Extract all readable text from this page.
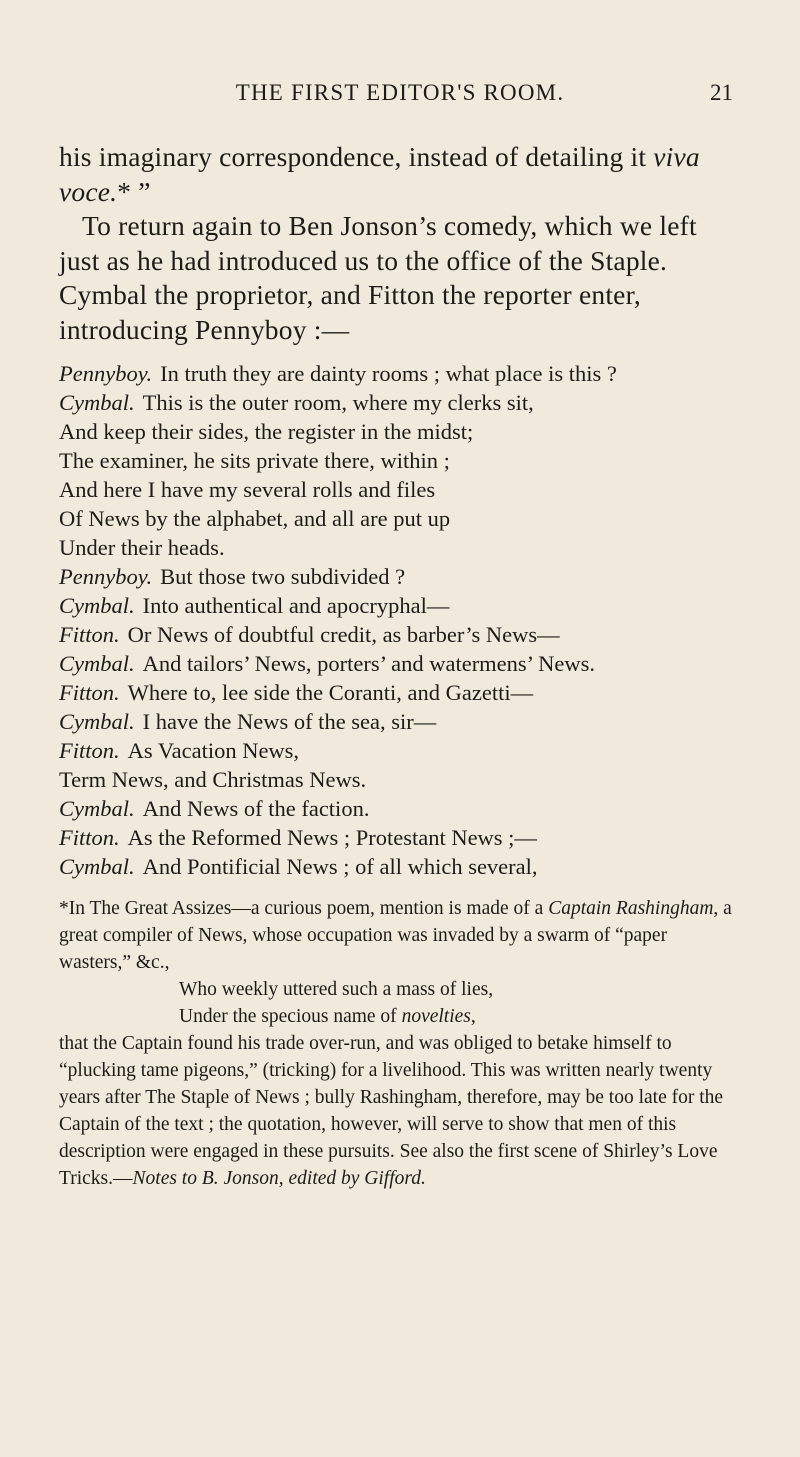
THE FIRST EDITOR'S ROOM.	21

his imaginary correspondence, instead of detailing it viva voce.* ”

To return again to Ben Jonson’s comedy, which we left just as he had introduced us to the office of the Staple. Cymbal the proprietor, and Fitton the reporter enter, introducing Pennyboy :—

Pennyboy. In truth they are dainty rooms ; what place is this ?
Cymbal. This is the outer room, where my clerks sit,
And keep their sides, the register in the midst;
The examiner, he sits private there, within ;
And here I have my several rolls and files
Of News by the alphabet, and all are put up
Under their heads.
Pennyboy. But those two subdivided ?
Cymbal. Into authentical and apocryphal—
Fitton. Or News of doubtful credit, as barber’s News—
Cymbal. And tailors’ News, porters’ and watermens’ News.
Fitton. Where to, lee side the Coranti, and Gazetti—
Cymbal. I have the News of the sea, sir—
Fitton. As Vacation News,
Term News, and Christmas News.
Cymbal. And News of the faction.
Fitton. As the Reformed News ; Protestant News ;—
Cymbal. And Pontificial News ; of all which several,

*In The Great Assizes—a curious poem, mention is made of a Captain Rashingham, a great compiler of News, whose occupation was invaded by a swarm of “paper wasters,” &c.,

Who weekly uttered such a mass of lies,

Under the specious name of novelties,

that the Captain found his trade over-run, and was obliged to betake himself to “plucking tame pigeons,” (tricking) for a livelihood. This was written nearly twenty years after The Staple of News ; bully Rashingham, therefore, may be too late for the Captain of the text ; the quotation, however, will serve to show that men of this description were engaged in these pursuits. See also the first scene of Shirley’s Love Tricks.—Notes to B. Jonson, edited by Gifford.
